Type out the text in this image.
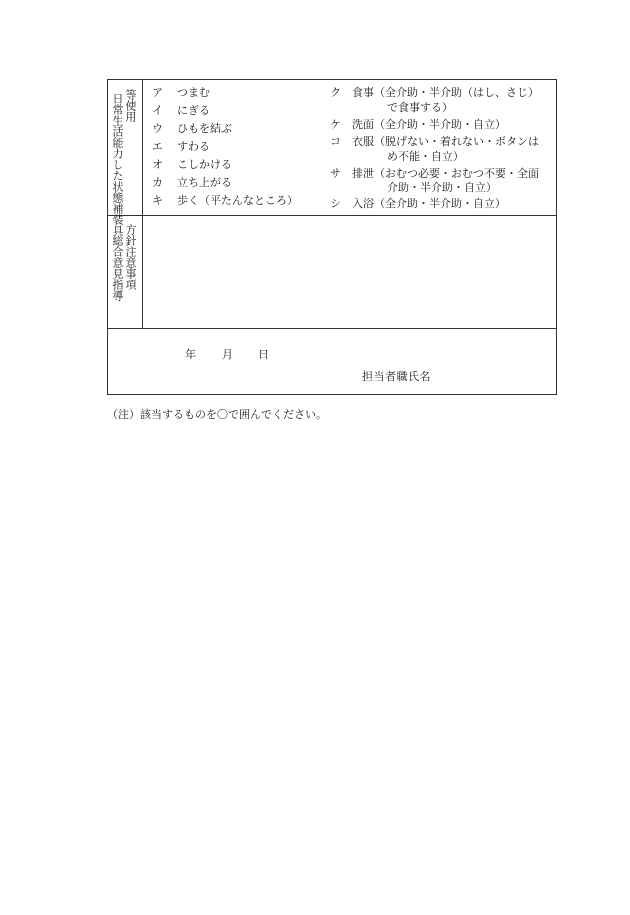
等使用
日常生活能力した状態補装具
ア つまむ
イ にぎる
ウ ひもを結ぶ
エ すわる
オ こしかける
カ 立ち上がる
キ 歩く（平たんなところ）
ク 食事（全介助・半介助（はし、さじ）
で食事する）
ケ 洗面（全介助・半介助・自立）
コ 衣服（脱げない・着れない・ボタンは
め不能・自立）
サ 排泄（おむつ必要・おむつ不要・全面
介助・半介助・自立）
シ 入浴（全介助・半介助・自立）
方針注意事項
総合意見指導
年 月 日
担当者職氏名
（注）該当するものを〇で囲んでください。
